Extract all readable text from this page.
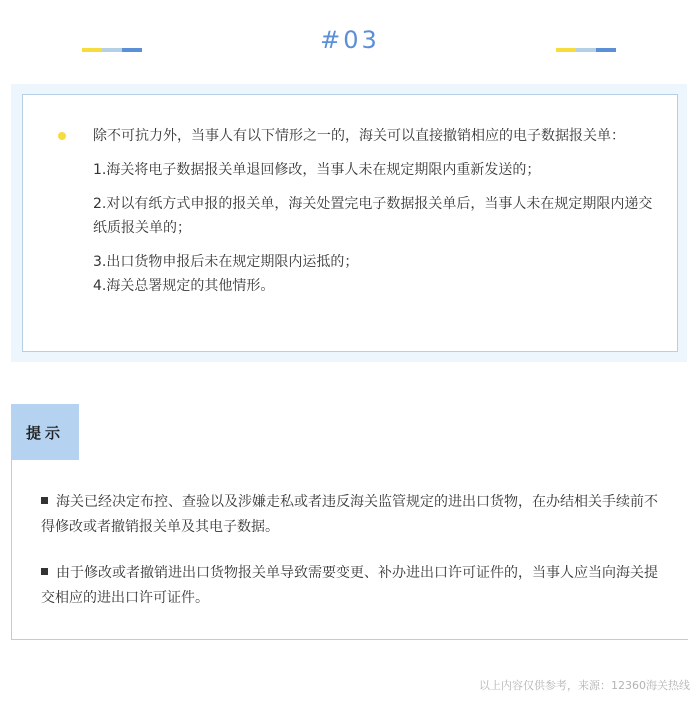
#03

除不可抗力外，当事人有以下情形之一的，海关可以直接撤销相应的电子数据报关单：

1.海关将电子数据报关单退回修改，当事人未在规定期限内重新发送的；

2.对以有纸方式申报的报关单，海关处置完电子数据报关单后，当事人未在规定期限内递交纸质报关单的；

3.出口货物申报后未在规定期限内运抵的；

4.海关总署规定的其他情形。

提示

海关已经决定布控、查验以及涉嫌走私或者违反海关监管规定的进出口货物，在办结相关手续前不得修改或者撤销报关单及其电子数据。

由于修改或者撤销进出口货物报关单导致需要变更、补办进出口许可证件的，当事人应当向海关提交相应的进出口许可证件。

以上内容仅供参考，来源：12360海关热线
